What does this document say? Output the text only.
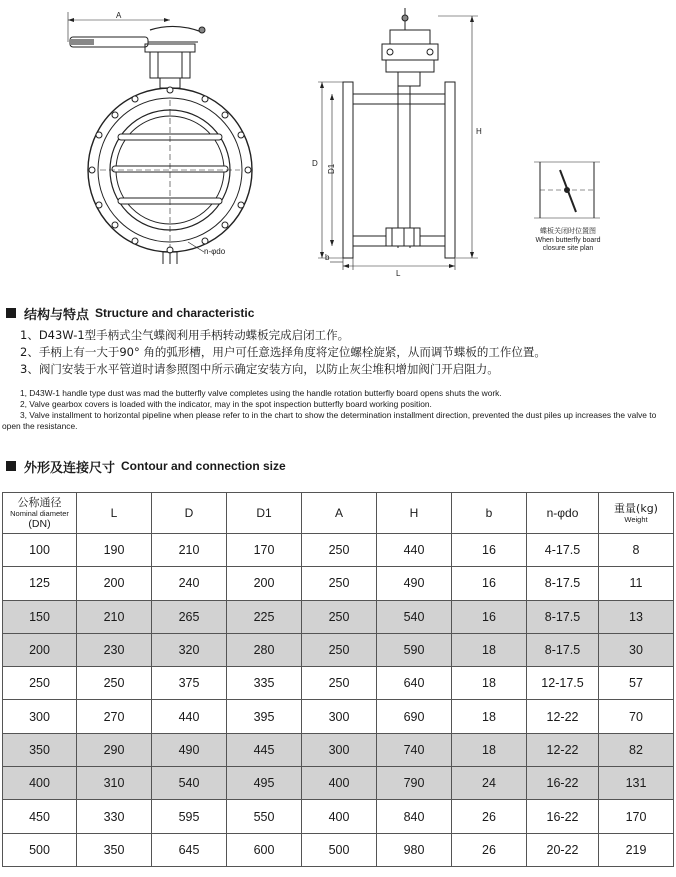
A
n-φdo
H
D
D1
b
L
蝶板关闭时位置图
When butterfly board
closure site plan
结构与特点 Structure and characteristic
1、D43W-1型手柄式尘气蝶阀利用手柄转动蝶板完成启闭工作。
2、手柄上有一大于90° 角的弧形槽，用户可任意选择角度将定位螺栓旋紧，从而调节蝶板的工作位置。
3、阀门安装于水平管道时请参照图中所示确定安装方向，以防止灰尘堆积增加阀门开启阻力。
1, D43W-1 handle type dust was mad the butterfly valve completes using the handle rotation butterfly board opens shuts the work.
2, Valve gearbox covers is loaded with the indicator, may in the spot inspection butterfly board working position.
3, Valve installment to horizontal pipeline when please refer to in the chart to show the determination installment direction, prevented the dust piles up increases the valve to open the resistance.
外形及连接尺寸 Contour and connection size
公称通径
Nominal diameter
(DN)	L	D	D1	A	H	b	n-φdo	重量(kg)
Weight

100	190	210	170	250	440	16	4-17.5	8
125	200	240	200	250	490	16	8-17.5	11
150	210	265	225	250	540	16	8-17.5	13
200	230	320	280	250	590	18	8-17.5	30
250	250	375	335	250	640	18	12-17.5	57
300	270	440	395	300	690	18	12-22	70
350	290	490	445	300	740	18	12-22	82
400	310	540	495	400	790	24	16-22	131
450	330	595	550	400	840	26	16-22	170
500	350	645	600	500	980	26	20-22	219
